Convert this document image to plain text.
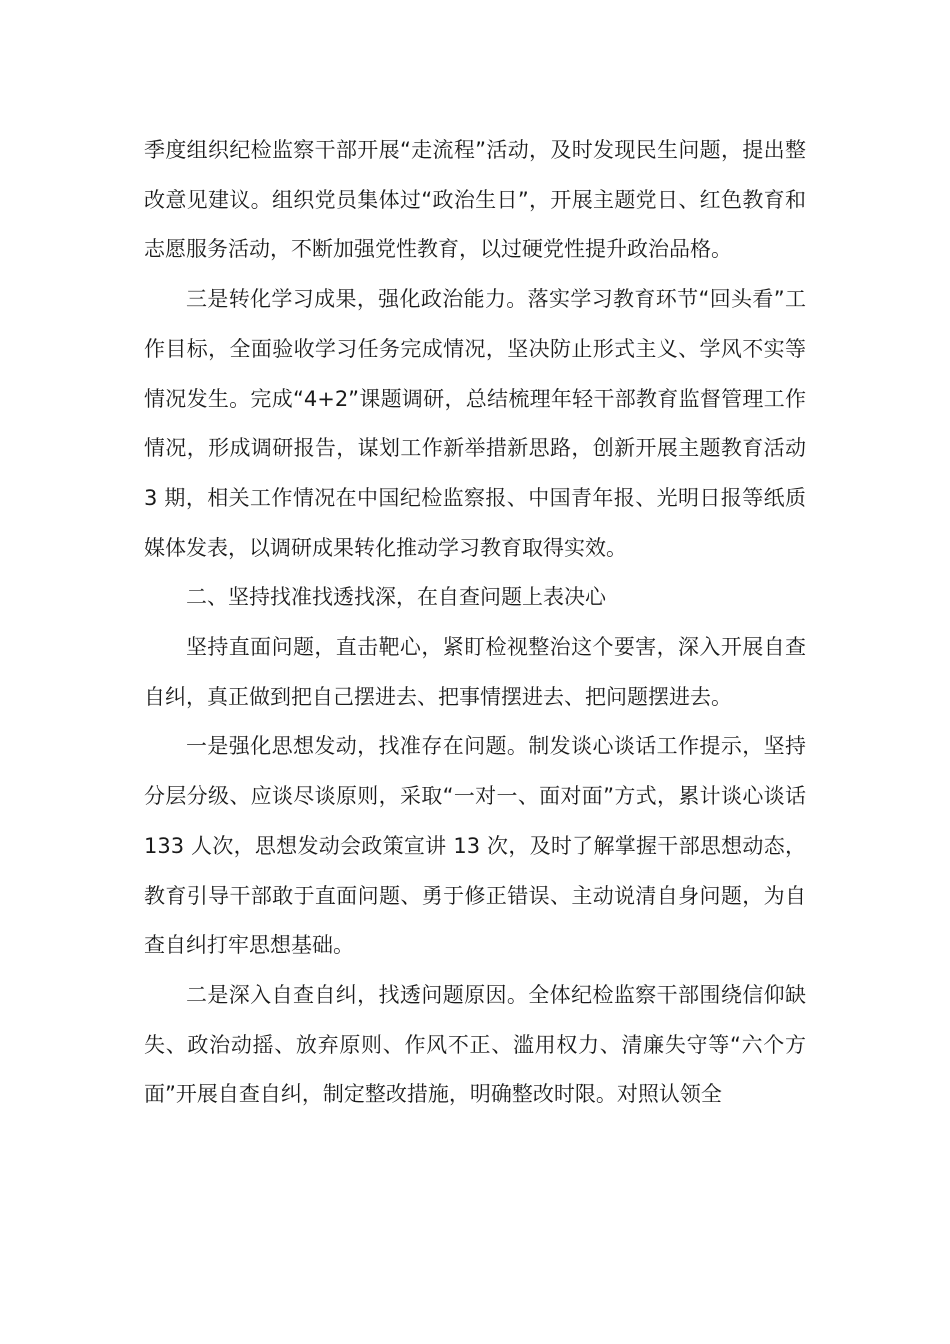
季度组织纪检监察干部开展“走流程”活动，及时发现民生问题，提出整改意见建议。组织党员集体过“政治生日”，开展主题党日、红色教育和志愿服务活动，不断加强党性教育，以过硬党性提升政治品格。

三是转化学习成果，强化政治能力。落实学习教育环节“回头看”工作目标，全面验收学习任务完成情况，坚决防止形式主义、学风不实等情况发生。完成“4+2”课题调研，总结梳理年轻干部教育监督管理工作情况，形成调研报告，谋划工作新举措新思路，创新开展主题教育活动 3 期，相关工作情况在中国纪检监察报、中国青年报、光明日报等纸质媒体发表，以调研成果转化推动学习教育取得实效。

二、坚持找准找透找深，在自查问题上表决心

坚持直面问题，直击靶心，紧盯检视整治这个要害，深入开展自查自纠，真正做到把自己摆进去、把事情摆进去、把问题摆进去。

一是强化思想发动，找准存在问题。制发谈心谈话工作提示，坚持分层分级、应谈尽谈原则，采取“一对一、面对面”方式，累计谈心谈话 133 人次，思想发动会政策宣讲 13 次，及时了解掌握干部思想动态，教育引导干部敢于直面问题、勇于修正错误、主动说清自身问题，为自查自纠打牢思想基础。

二是深入自查自纠，找透问题原因。全体纪检监察干部围绕信仰缺失、政治动摇、放弃原则、作风不正、滥用权力、清廉失守等“六个方面”开展自查自纠，制定整改措施，明确整改时限。对照认领全
